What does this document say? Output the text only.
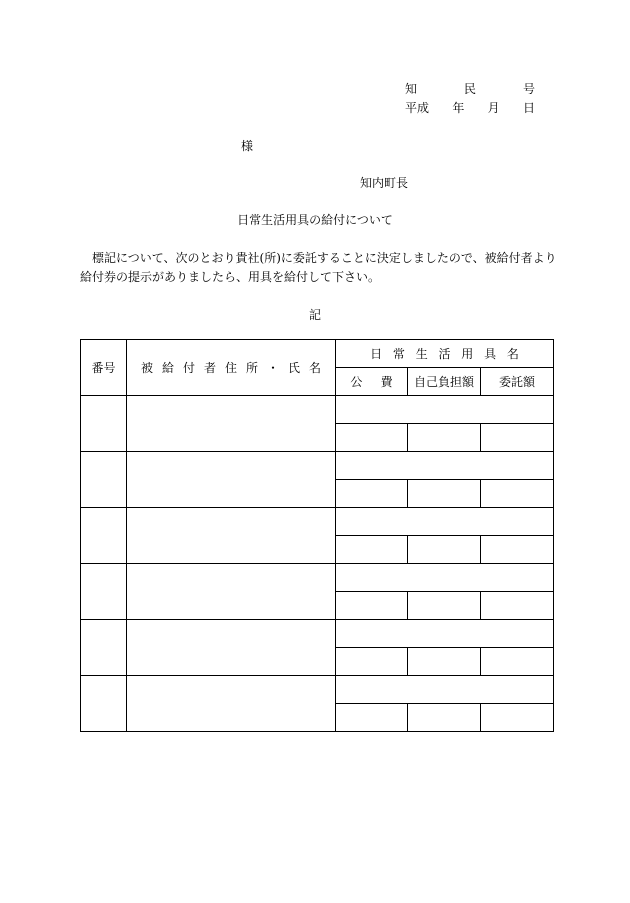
知	民	号
平成 年 月 日
様
知内町長
日常生活用具の給付について
　標記について、次のとおり貴社(所)に委託することに決定しましたので、被給付者より
給付券の提示がありましたら、用具を給付して下さい。
記
番号	被給付者住所・氏名	日常生活用具名		
		公 費	自己負担額	委託額
